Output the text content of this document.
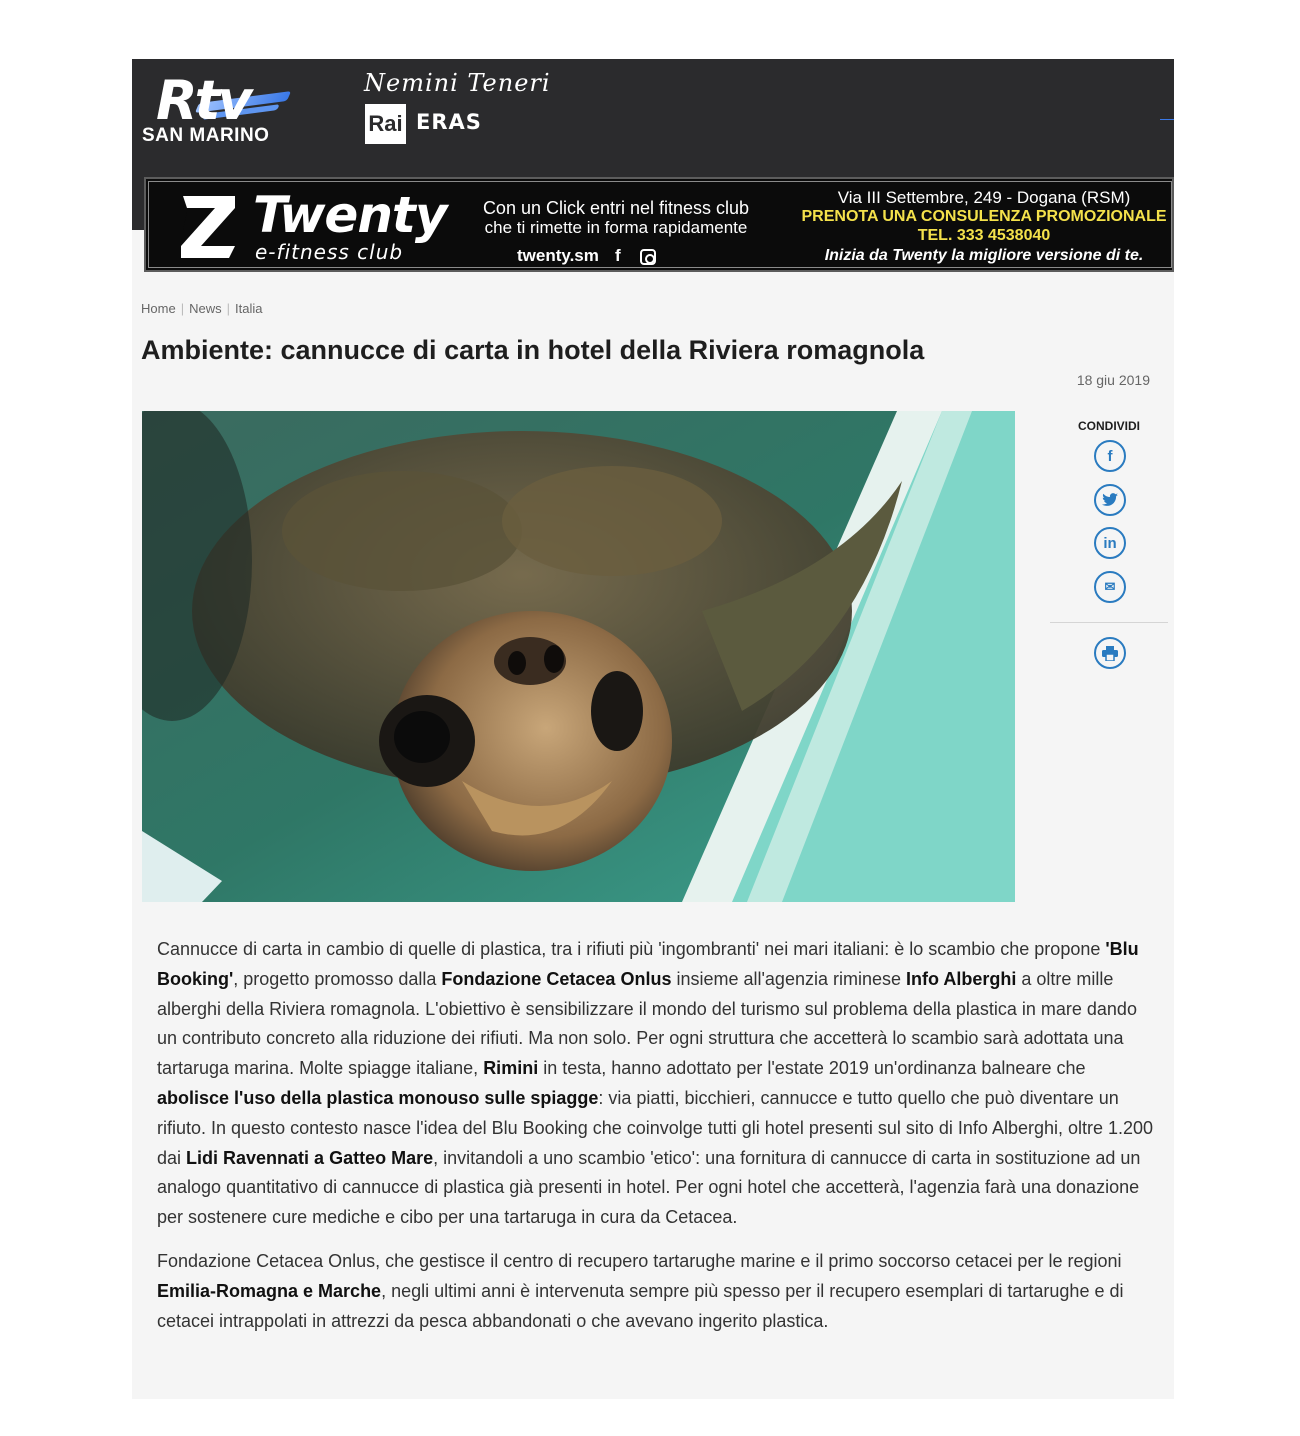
Rtv
SAN MARINO
Nemini Teneri
Rai ERAS
Twenty
e-fitness club
Con un Click entri nel fitness club
che ti rimette in forma rapidamente
twenty.sm f
Via III Settembre, 249 - Dogana (RSM)
PRENOTA UNA CONSULENZA PROMOZIONALE
TEL. 333 4538040
Inizia da Twenty la migliore versione di te.
Home | News | Italia
Ambiente: cannucce di carta in hotel della Riviera romagnola
18 giu 2019
CONDIVIDI
f
in
✉

Cannucce di carta in cambio di quelle di plastica, tra i rifiuti più 'ingombranti' nei mari italiani: è lo scambio che propone 'Blu Booking', progetto promosso dalla Fondazione Cetacea Onlus insieme all'agenzia riminese Info Alberghi a oltre mille alberghi della Riviera romagnola. L'obiettivo è sensibilizzare il mondo del turismo sul problema della plastica in mare dando un contributo concreto alla riduzione dei rifiuti. Ma non solo. Per ogni struttura che accetterà lo scambio sarà adottata una tartaruga marina. Molte spiagge italiane, Rimini in testa, hanno adottato per l'estate 2019 un'ordinanza balneare che abolisce l'uso della plastica monouso sulle spiagge: via piatti, bicchieri, cannucce e tutto quello che può diventare un rifiuto. In questo contesto nasce l'idea del Blu Booking che coinvolge tutti gli hotel presenti sul sito di Info Alberghi, oltre 1.200 dai Lidi Ravennati a Gatteo Mare, invitandoli a uno scambio 'etico': una fornitura di cannucce di carta in sostituzione ad un analogo quantitativo di cannucce di plastica già presenti in hotel. Per ogni hotel che accetterà, l'agenzia farà una donazione per sostenere cure mediche e cibo per una tartaruga in cura da Cetacea.

Fondazione Cetacea Onlus, che gestisce il centro di recupero tartarughe marine e il primo soccorso cetacei per le regioni Emilia-Romagna e Marche, negli ultimi anni è intervenuta sempre più spesso per il recupero esemplari di tartarughe e di cetacei intrappolati in attrezzi da pesca abbandonati o che avevano ingerito plastica.
